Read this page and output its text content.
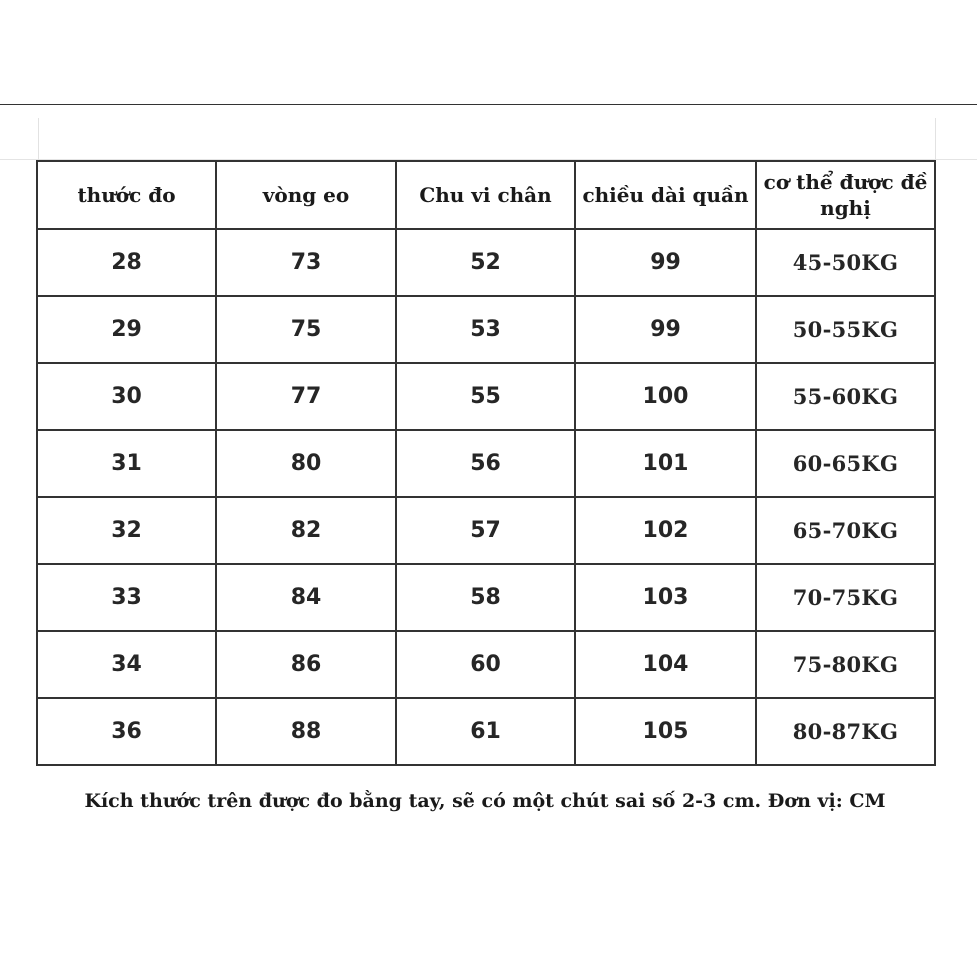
thước đo	vòng eo	Chu vi chân	chiều dài quần	cơ thể được đề nghị
28	73	52	99	45-50KG
29	75	53	99	50-55KG
30	77	55	100	55-60KG
31	80	56	101	60-65KG
32	82	57	102	65-70KG
33	84	58	103	70-75KG
34	86	60	104	75-80KG
36	88	61	105	80-87KG
Kích thước trên được đo bằng tay, sẽ có một chút sai số 2-3 cm. Đơn vị: CM
